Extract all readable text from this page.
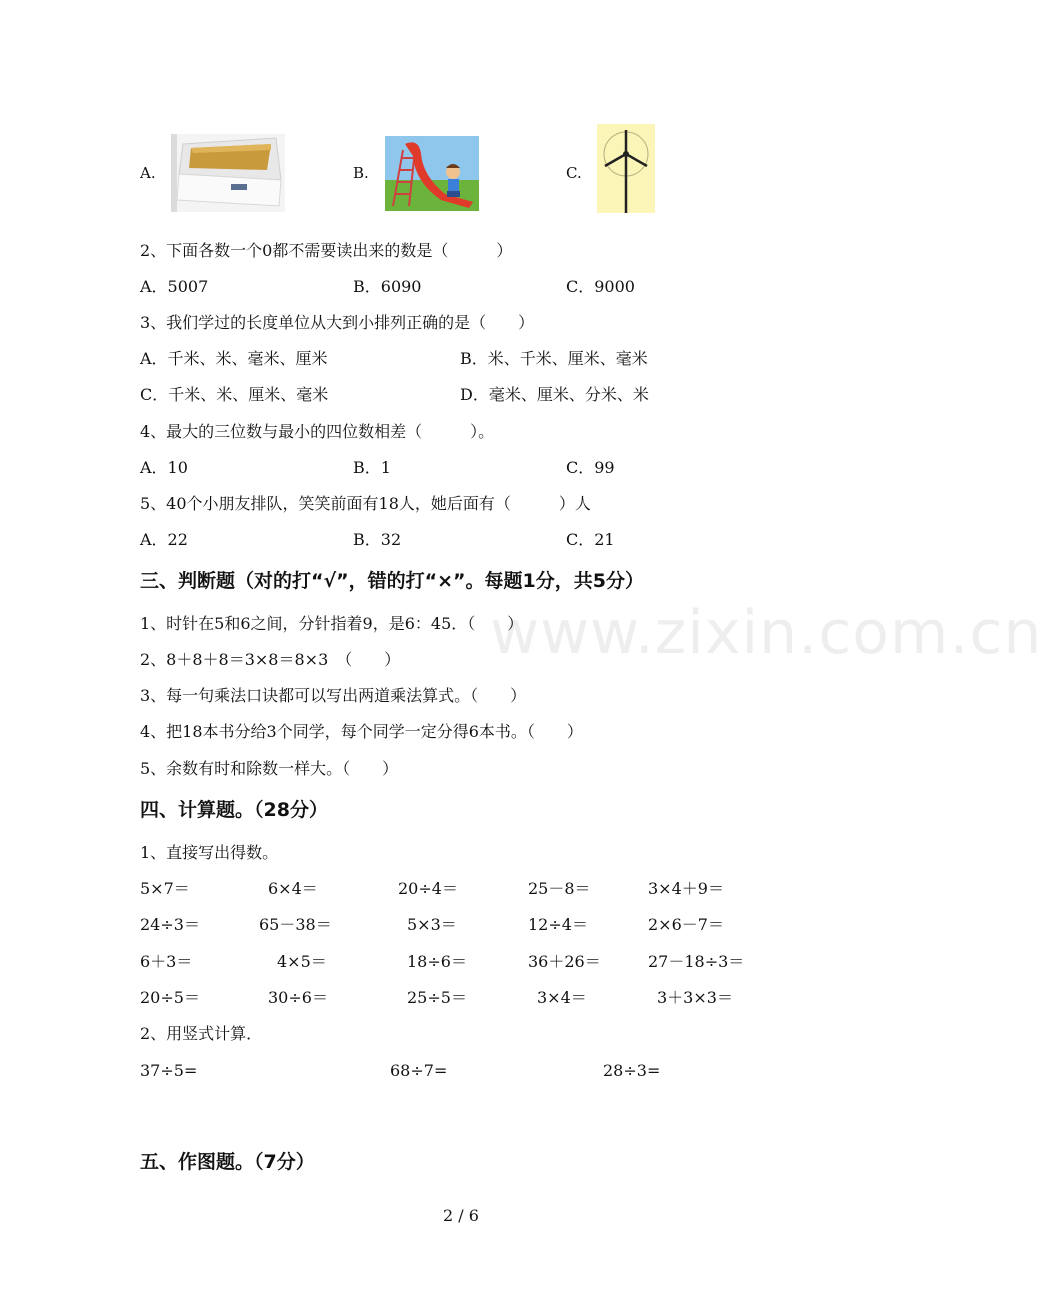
A.	B.	C.
2、下面各数一个0都不需要读出来的数是（　　　）
A．5007	B．6090	C．9000
3、我们学过的长度单位从大到小排列正确的是（　　）
A．千米、米、毫米、厘米	B．米、千米、厘米、毫米
C．千米、米、厘米、毫米	D．毫米、厘米、分米、米
4、最大的三位数与最小的四位数相差（　　　）。
A．10	B．1	C．99
5、40个小朋友排队，笑笑前面有18人，她后面有（　　　）人
A．22	B．32	C．21
三、判断题（对的打“√”，错的打“×”。每题1分，共5分）
www.zixin.com.cn
1、时针在5和6之间，分针指着9，是6：45．（　　）
2、8＋8＋8＝3×8＝8×3　（　　）
3、每一句乘法口诀都可以写出两道乘法算式。（　　）
4、把18本书分给3个同学，每个同学一定分得6本书。（　　）
5、余数有时和除数一样大。（　　）
四、计算题。（28分）
1、直接写出得数。
5×7＝	6×4＝	20÷4＝	25－8＝	3×4＋9＝
24÷3＝	65－38＝	5×3＝	12÷4＝	2×6－7＝
6＋3＝	4×5＝	18÷6＝	36＋26＝	27－18÷3＝
20÷5＝	30÷6＝	25÷5＝	3×4＝	3＋3×3＝
2、用竖式计算．
37÷5=	68÷7=	28÷3=
五、作图题。（7分）
2 / 6
